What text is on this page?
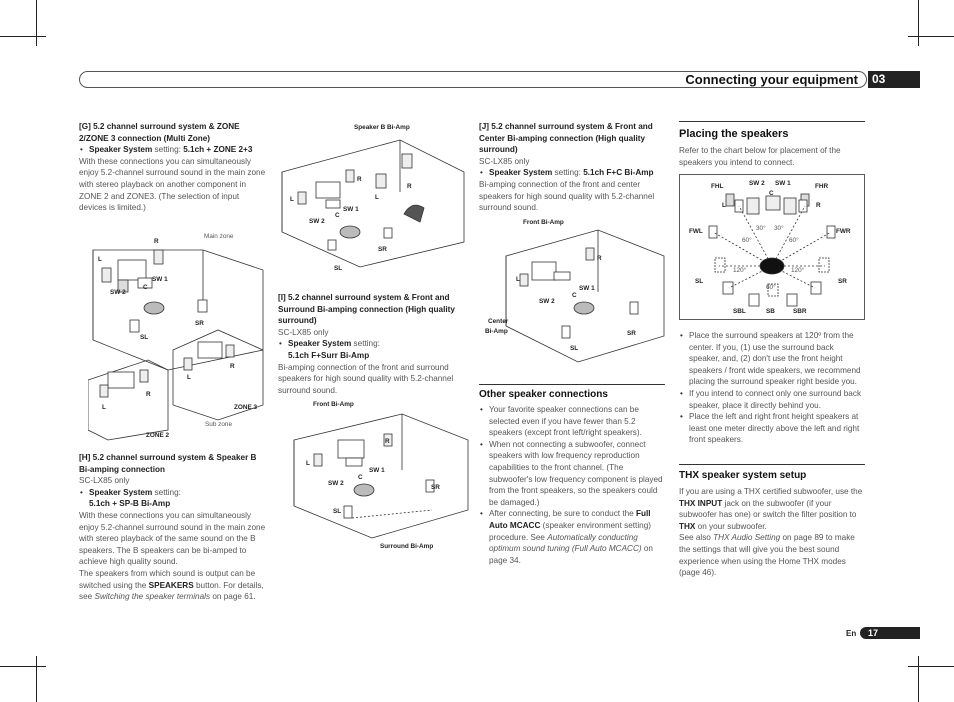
Connecting your equipment	03

[G] 5.2 channel surround system & ZONE 2/ZONE 3 connection (Multi Zone)

• Speaker System setting: 5.1ch + ZONE 2+3

With these connections you can simultaneously enjoy 5.2-channel surround sound in the main zone with stereo playback on another component in ZONE 2 and ZONE3. (The selection of input devices is limited.)

Main zone
L
R
C
SW 1
SW 2
SL
SR
L
R
L
R
ZONE 3
Sub zone
ZONE 2

[H] 5.2 channel surround system & Speaker B Bi-amping connection

SC-LX85 only

• Speaker System setting:
5.1ch + SP-B Bi-Amp

With these connections you can simultaneously enjoy 5.2-channel surround sound in the main zone with stereo playback of the same sound on the B speakers. The B speakers can be bi-amped to achieve high quality sound.

The speakers from which sound is output can be switched using the SPEAKERS button. For details, see Switching the speaker terminals on page 61.

Speaker B Bi-Amp
L
R
R
L
C
SW 1
SW 2
SR
SL

[I] 5.2 channel surround system & Front and Surround Bi-amping connection (High quality surround)

SC-LX85 only

• Speaker System setting:
5.1ch F+Surr Bi-Amp

Bi-amping connection of the front and surround speakers for high sound quality with 5.2-channel surround sound.

Front Bi-Amp
L
R
C
SW 1
SW 2
SR
SL
Surround Bi-Amp

[J] 5.2 channel surround system & Front and Center Bi-amping connection (High quality surround)

SC-LX85 only

• Speaker System setting: 5.1ch F+C Bi-Amp

Bi-amping connection of the front and center speakers for high sound quality with 5.2-channel surround sound.

Front Bi-Amp
L
R
C
SW 1
SW 2
Center
Bi-Amp	SR
SL

Other speaker connections

• Your favorite speaker connections can be selected even if you have fewer than 5.2 speakers (except front left/right speakers).
• When not connecting a subwoofer, connect speakers with low frequency reproduction capabilities to the front channel. (The subwoofer's low frequency component is played from the front speakers, so the speakers could be damaged.)
• After connecting, be sure to conduct the Full Auto MCACC (speaker environment setting) procedure. See Automatically conducting optimum sound tuning (Full Auto MCACC) on page 34.

Placing the speakers

Refer to the chart below for placement of the speakers you intend to connect.

SW 2 SW 1
FHL	FHR
C
L	R
30° 30°
FWL	FWR
60°	60°
120°	120°
SL	SR
60°
SBL	SB	SBR
• Place the surround speakers at 120º from the center. If you, (1) use the surround back speaker, and, (2) don't use the front height speakers / front wide speakers, we recommend placing the surround speaker right beside you.
• If you intend to connect only one surround back speaker, place it directly behind you.
• Place the left and right front height speakers at least one meter directly above the left and right front speakers.

THX speaker system setup

If you are using a THX certified subwoofer, use the THX INPUT jack on the subwoofer (if your subwoofer has one) or switch the filter position to THX on your subwoofer.

See also THX Audio Setting on page 89 to make the settings that will give you the best sound experience when using the Home THX modes (page 46).

En	17
